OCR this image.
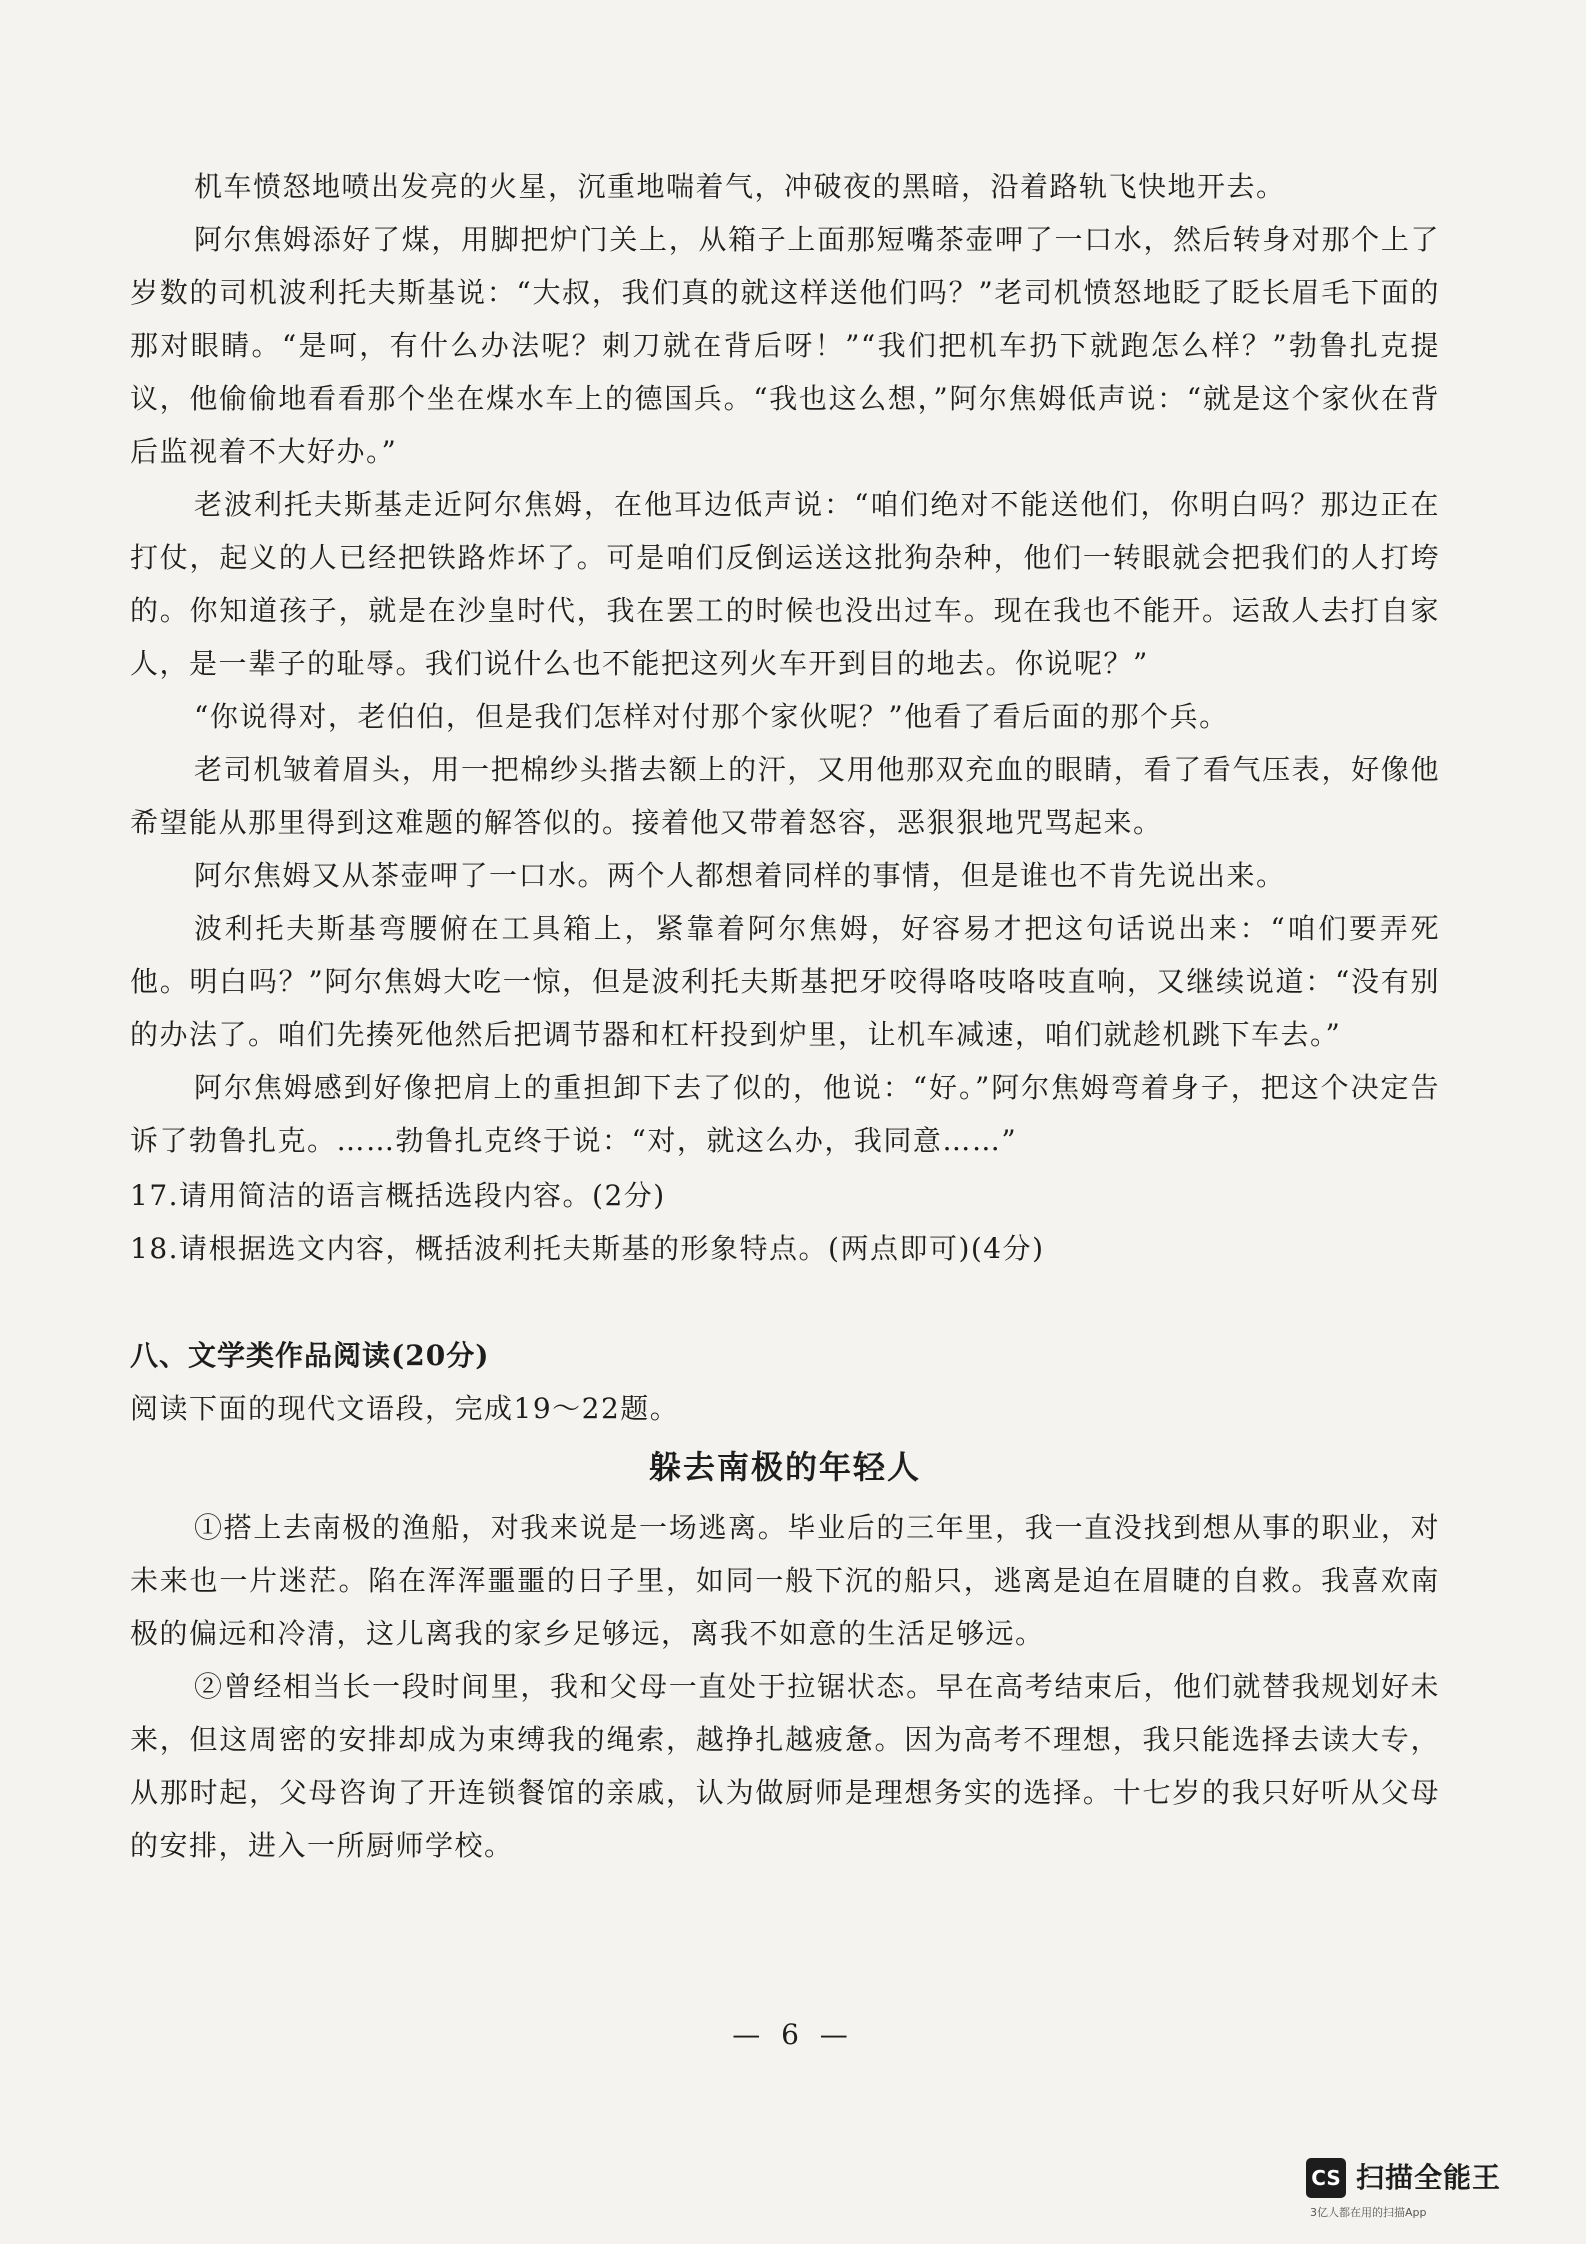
机车愤怒地喷出发亮的火星，沉重地喘着气，冲破夜的黑暗，沿着路轨飞快地开去。

阿尔焦姆添好了煤，用脚把炉门关上，从箱子上面那短嘴茶壶呷了一口水，然后转身对那个上了岁数的司机波利托夫斯基说：“大叔，我们真的就这样送他们吗？”老司机愤怒地眨了眨长眉毛下面的那对眼睛。“是呵，有什么办法呢？刺刀就在背后呀！”“我们把机车扔下就跑怎么样？”勃鲁扎克提议，他偷偷地看看那个坐在煤水车上的德国兵。“我也这么想，”阿尔焦姆低声说：“就是这个家伙在背后监视着不大好办。”

老波利托夫斯基走近阿尔焦姆，在他耳边低声说：“咱们绝对不能送他们，你明白吗？那边正在打仗，起义的人已经把铁路炸坏了。可是咱们反倒运送这批狗杂种，他们一转眼就会把我们的人打垮的。你知道孩子，就是在沙皇时代，我在罢工的时候也没出过车。现在我也不能开。运敌人去打自家人，是一辈子的耻辱。我们说什么也不能把这列火车开到目的地去。你说呢？”

“你说得对，老伯伯，但是我们怎样对付那个家伙呢？”他看了看后面的那个兵。

老司机皱着眉头，用一把棉纱头揩去额上的汗，又用他那双充血的眼睛，看了看气压表，好像他希望能从那里得到这难题的解答似的。接着他又带着怒容，恶狠狠地咒骂起来。

阿尔焦姆又从茶壶呷了一口水。两个人都想着同样的事情，但是谁也不肯先说出来。

波利托夫斯基弯腰俯在工具箱上，紧靠着阿尔焦姆，好容易才把这句话说出来：“咱们要弄死他。明白吗？”阿尔焦姆大吃一惊，但是波利托夫斯基把牙咬得咯吱咯吱直响，又继续说道：“没有别的办法了。咱们先揍死他然后把调节器和杠杆投到炉里，让机车减速，咱们就趁机跳下车去。”

阿尔焦姆感到好像把肩上的重担卸下去了似的，他说：“好。”阿尔焦姆弯着身子，把这个决定告诉了勃鲁扎克。……勃鲁扎克终于说：“对，就这么办，我同意……”

17.请用简洁的语言概括选段内容。(2分)

18.请根据选文内容，概括波利托夫斯基的形象特点。(两点即可)(4分)

八、文学类作品阅读(20分)

阅读下面的现代文语段，完成19～22题。

躲去南极的年轻人

①搭上去南极的渔船，对我来说是一场逃离。毕业后的三年里，我一直没找到想从事的职业，对未来也一片迷茫。陷在浑浑噩噩的日子里，如同一般下沉的船只，逃离是迫在眉睫的自救。我喜欢南极的偏远和冷清，这儿离我的家乡足够远，离我不如意的生活足够远。

②曾经相当长一段时间里，我和父母一直处于拉锯状态。早在高考结束后，他们就替我规划好未来，但这周密的安排却成为束缚我的绳索，越挣扎越疲惫。因为高考不理想，我只能选择去读大专，从那时起，父母咨询了开连锁餐馆的亲戚，认为做厨师是理想务实的选择。十七岁的我只好听从父母的安排，进入一所厨师学校。

— 6 —
CS 扫描全能王
3亿人都在用的扫描App
